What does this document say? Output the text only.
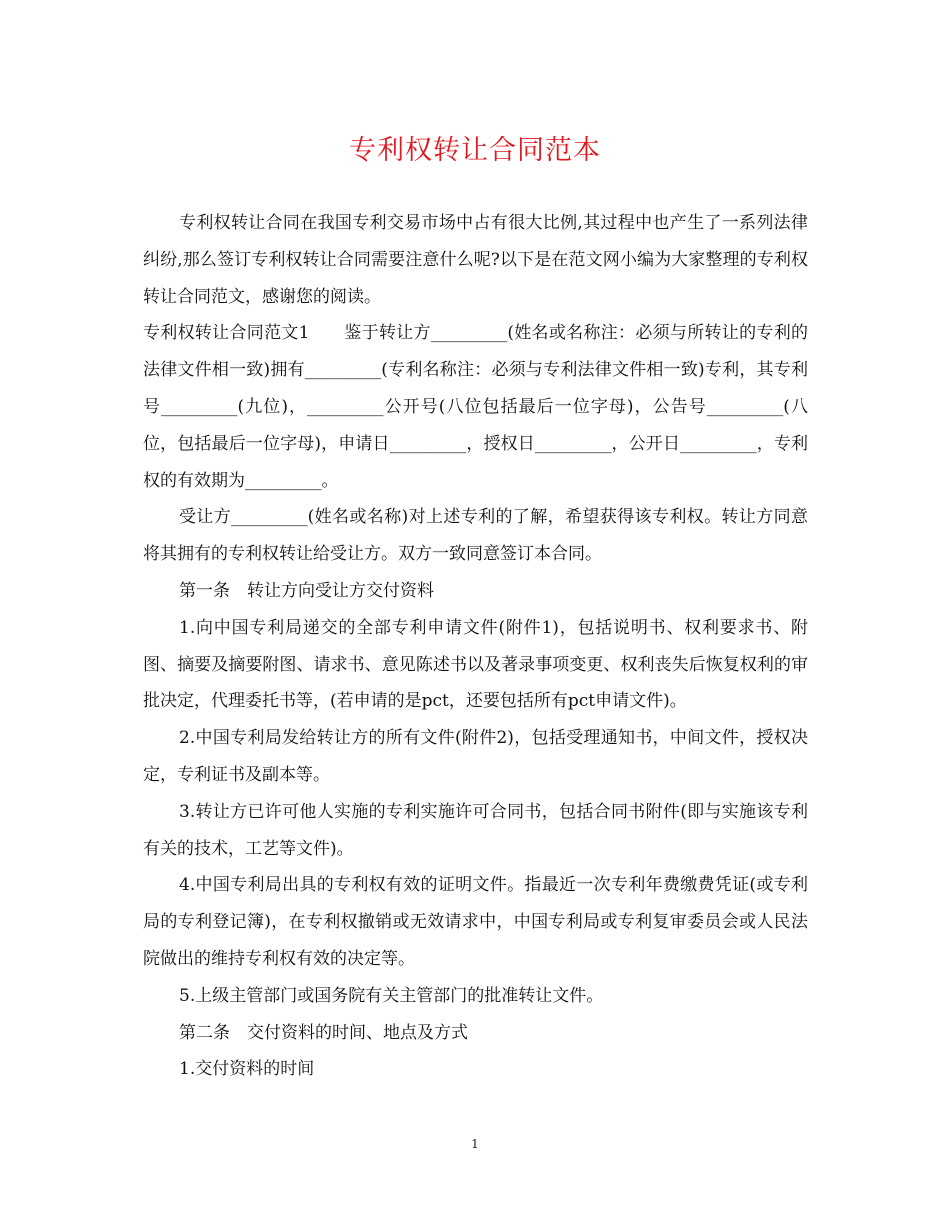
专利权转让合同范本

专利权转让合同在我国专利交易市场中占有很大比例,其过程中也产生了一系列法律纠纷,那么签订专利权转让合同需要注意什么呢?以下是在范文网小编为大家整理的专利权转让合同范文，感谢您的阅读。

专利权转让合同范文1　　鉴于转让方_________(姓名或名称注：必须与所转让的专利的法律文件相一致)拥有_________(专利名称注：必须与专利法律文件相一致)专利，其专利号_________(九位)，_________公开号(八位包括最后一位字母)，公告号_________(八位，包括最后一位字母)，申请日_________，授权日_________，公开日_________，专利权的有效期为_________。

受让方_________(姓名或名称)对上述专利的了解，希望获得该专利权。转让方同意将其拥有的专利权转让给受让方。双方一致同意签订本合同。

第一条　转让方向受让方交付资料

1.向中国专利局递交的全部专利申请文件(附件1)，包括说明书、权利要求书、附图、摘要及摘要附图、请求书、意见陈述书以及著录事项变更、权利丧失后恢复权利的审批决定，代理委托书等，(若申请的是pct，还要包括所有pct申请文件)。

2.中国专利局发给转让方的所有文件(附件2)，包括受理通知书，中间文件，授权决定，专利证书及副本等。

3.转让方已许可他人实施的专利实施许可合同书，包括合同书附件(即与实施该专利有关的技术，工艺等文件)。

4.中国专利局出具的专利权有效的证明文件。指最近一次专利年费缴费凭证(或专利局的专利登记簿)，在专利权撤销或无效请求中，中国专利局或专利复审委员会或人民法院做出的维持专利权有效的决定等。

5.上级主管部门或国务院有关主管部门的批准转让文件。

第二条　交付资料的时间、地点及方式

1.交付资料的时间

1
